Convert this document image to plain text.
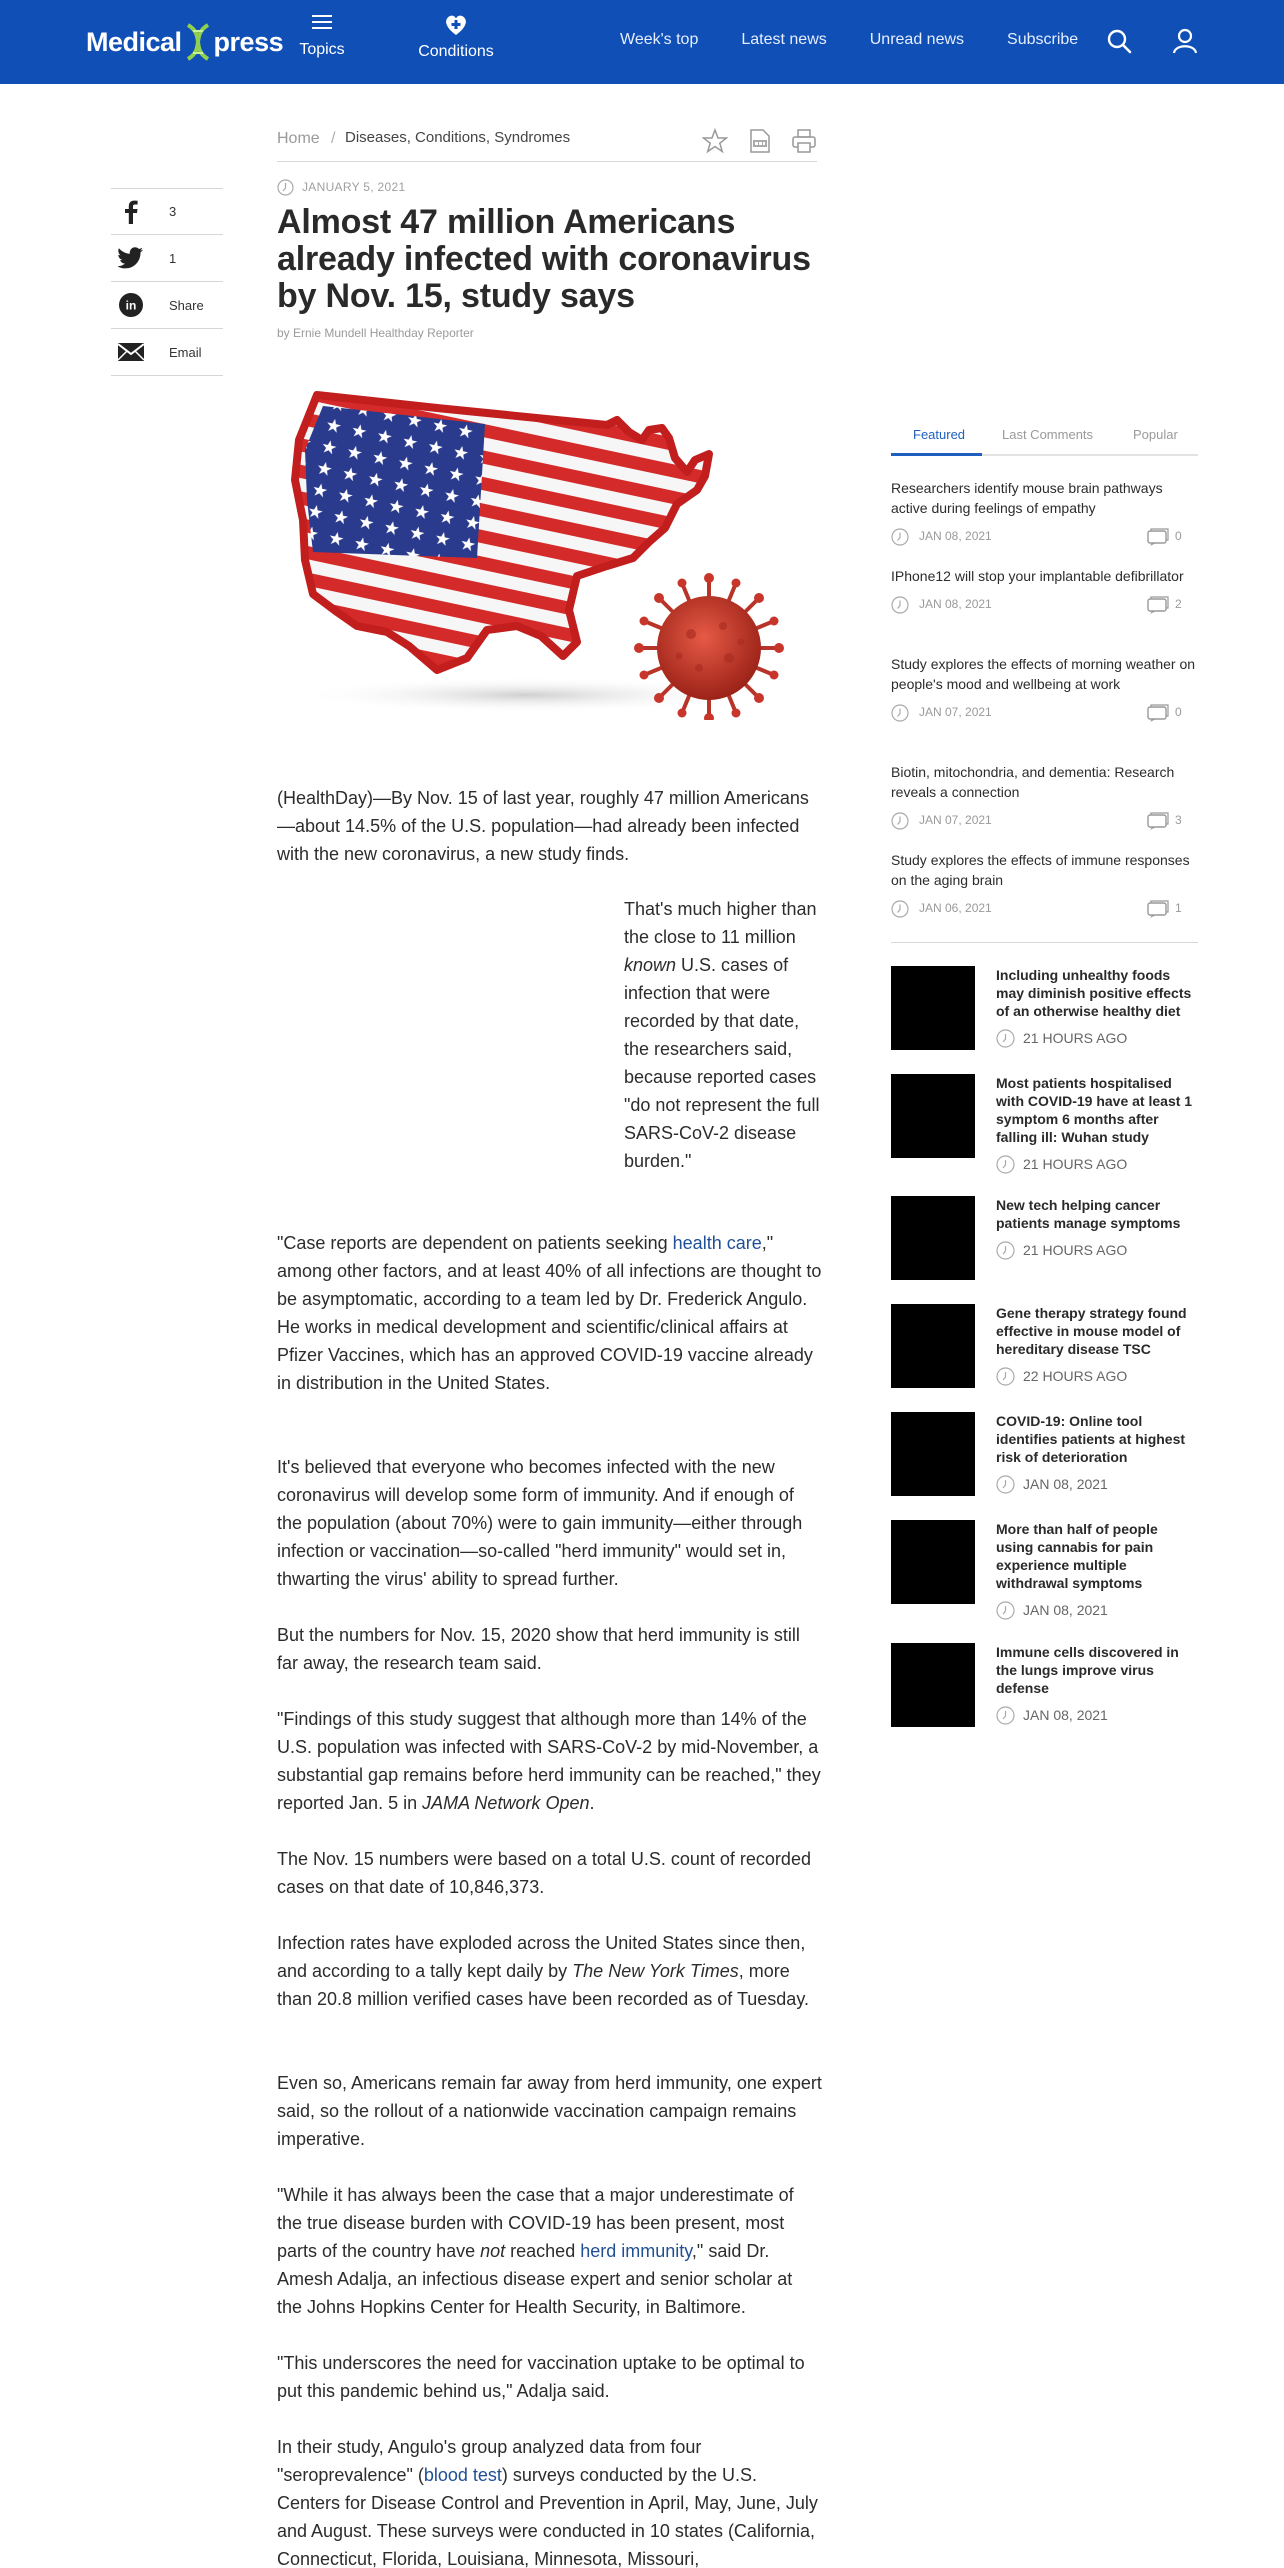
Medical press	Topics	Conditions
Week's top	Latest news	Unread news	Subscribe
Home / Diseases, Conditions, Syndromes
JANUARY 5, 2021
Almost 47 million Americans already infected with coronavirus by Nov. 15, study says
by Ernie Mundell Healthday Reporter
3
1
in	Share
Email

(HealthDay)—By Nov. 15 of last year, roughly 47 million Americans—about 14.5% of the U.S. population—had already been infected with the new coronavirus, a new study finds.

That's much higher than the close to 11 million known U.S. cases of infection that were recorded by that date, the researchers said, because reported cases "do not represent the full SARS-CoV-2 disease burden."

"Case reports are dependent on patients seeking health care," among other factors, and at least 40% of all infections are thought to be asymptomatic, according to a team led by Dr. Frederick Angulo. He works in medical development and scientific/clinical affairs at Pfizer Vaccines, which has an approved COVID-19 vaccine already in distribution in the United States.

It's believed that everyone who becomes infected with the new coronavirus will develop some form of immunity. And if enough of the population (about 70%) were to gain immunity—either through infection or vaccination—so-called "herd immunity" would set in, thwarting the virus' ability to spread further.

But the numbers for Nov. 15, 2020 show that herd immunity is still far away, the research team said.

"Findings of this study suggest that although more than 14% of the U.S. population was infected with SARS-CoV-2 by mid-November, a substantial gap remains before herd immunity can be reached," they reported Jan. 5 in JAMA Network Open.

The Nov. 15 numbers were based on a total U.S. count of recorded cases on that date of 10,846,373.

Infection rates have exploded across the United States since then, and according to a tally kept daily by The New York Times, more than 20.8 million verified cases have been recorded as of Tuesday.

Even so, Americans remain far away from herd immunity, one expert said, so the rollout of a nationwide vaccination campaign remains imperative.

"While it has always been the case that a major underestimate of the true disease burden with COVID-19 has been present, most parts of the country have not reached herd immunity," said Dr. Amesh Adalja, an infectious disease expert and senior scholar at the Johns Hopkins Center for Health Security, in Baltimore.

"This underscores the need for vaccination uptake to be optimal to put this pandemic behind us," Adalja said.

In their study, Angulo's group analyzed data from four "seroprevalence" (blood test) surveys conducted by the U.S. Centers for Disease Control and Prevention in April, May, June, July and August. These surveys were conducted in 10 states (California, Connecticut, Florida, Louisiana, Minnesota, Missouri,

Featured	Last Comments	Popular
Researchers identify mouse brain pathways active during feelings of empathy
JAN 08, 2021	0
IPhone12 will stop your implantable defibrillator
JAN 08, 2021	2
Study explores the effects of morning weather on people's mood and wellbeing at work
JAN 07, 2021	0
Biotin, mitochondria, and dementia: Research reveals a connection
JAN 07, 2021	3
Study explores the effects of immune responses on the aging brain
JAN 06, 2021	1
Including unhealthy foods may diminish positive effects of an otherwise healthy diet
21 HOURS AGO
Most patients hospitalised with COVID-19 have at least 1 symptom 6 months after falling ill: Wuhan study
21 HOURS AGO
New tech helping cancer patients manage symptoms
21 HOURS AGO
Gene therapy strategy found effective in mouse model of hereditary disease TSC
22 HOURS AGO
COVID-19: Online tool identifies patients at highest risk of deterioration
JAN 08, 2021
More than half of people using cannabis for pain experience multiple withdrawal symptoms
JAN 08, 2021
Immune cells discovered in the lungs improve virus defense
JAN 08, 2021
